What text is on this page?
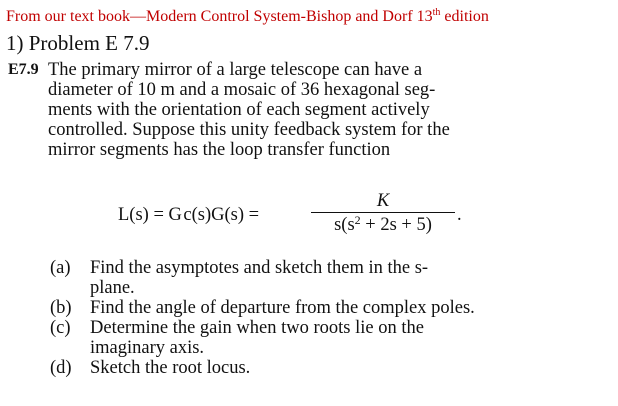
From our text book—Modern Control System-Bishop and Dorf 13th edition
1) Problem E 7.9
E7.9 The primary mirror of a large telescope can have a
diameter of 10 m and a mosaic of 36 hexagonal seg-
ments with the orientation of each segment actively
controlled. Suppose this unity feedback system for the
mirror segments has the loop transfer function
L(s) = G c(s)G(s) =
K
$s(s^2 + 2s + 5)$	.
(a) Find the asymptotes and sketch them in the s-
plane.
(b) Find the angle of departure from the complex poles.
(c) Determine the gain when two roots lie on the
imaginary axis.
(d) Sketch the root locus.
